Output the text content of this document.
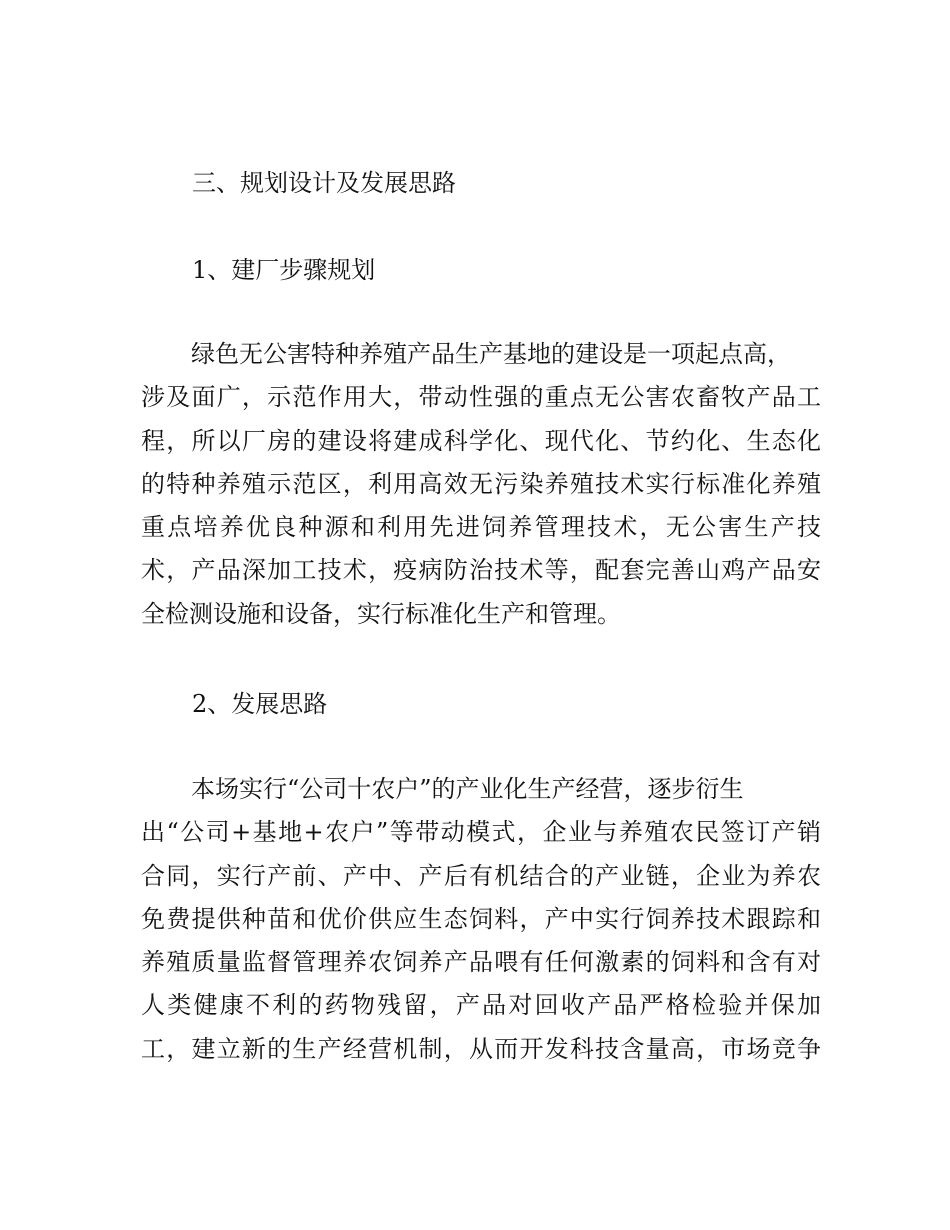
三、规划设计及发展思路
1、建厂步骤规划
绿色无公害特种养殖产品生产基地的建设是一项起点高，
涉及面广，示范作用大，带动性强的重点无公害农畜牧产品工
程，所以厂房的建设将建成科学化、现代化、节约化、生态化
的特种养殖示范区，利用高效无污染养殖技术实行标准化养殖
重点培养优良种源和利用先进饲养管理技术，无公害生产技
术，产品深加工技术，疫病防治技术等，配套完善山鸡产品安
全检测设施和设备，实行标准化生产和管理。
2、发展思路
本场实行“公司十农户”的产业化生产经营，逐步衍生
出“公司+基地+农户”等带动模式，企业与养殖农民签订产销
合同，实行产前、产中、产后有机结合的产业链，企业为养农
免费提供种苗和优价供应生态饲料，产中实行饲养技术跟踪和
养殖质量监督管理养农饲养产品喂有任何激素的饲料和含有对
人类健康不利的药物残留，产品对回收产品严格检验并保加
工，建立新的生产经营机制，从而开发科技含量高，市场竞争
